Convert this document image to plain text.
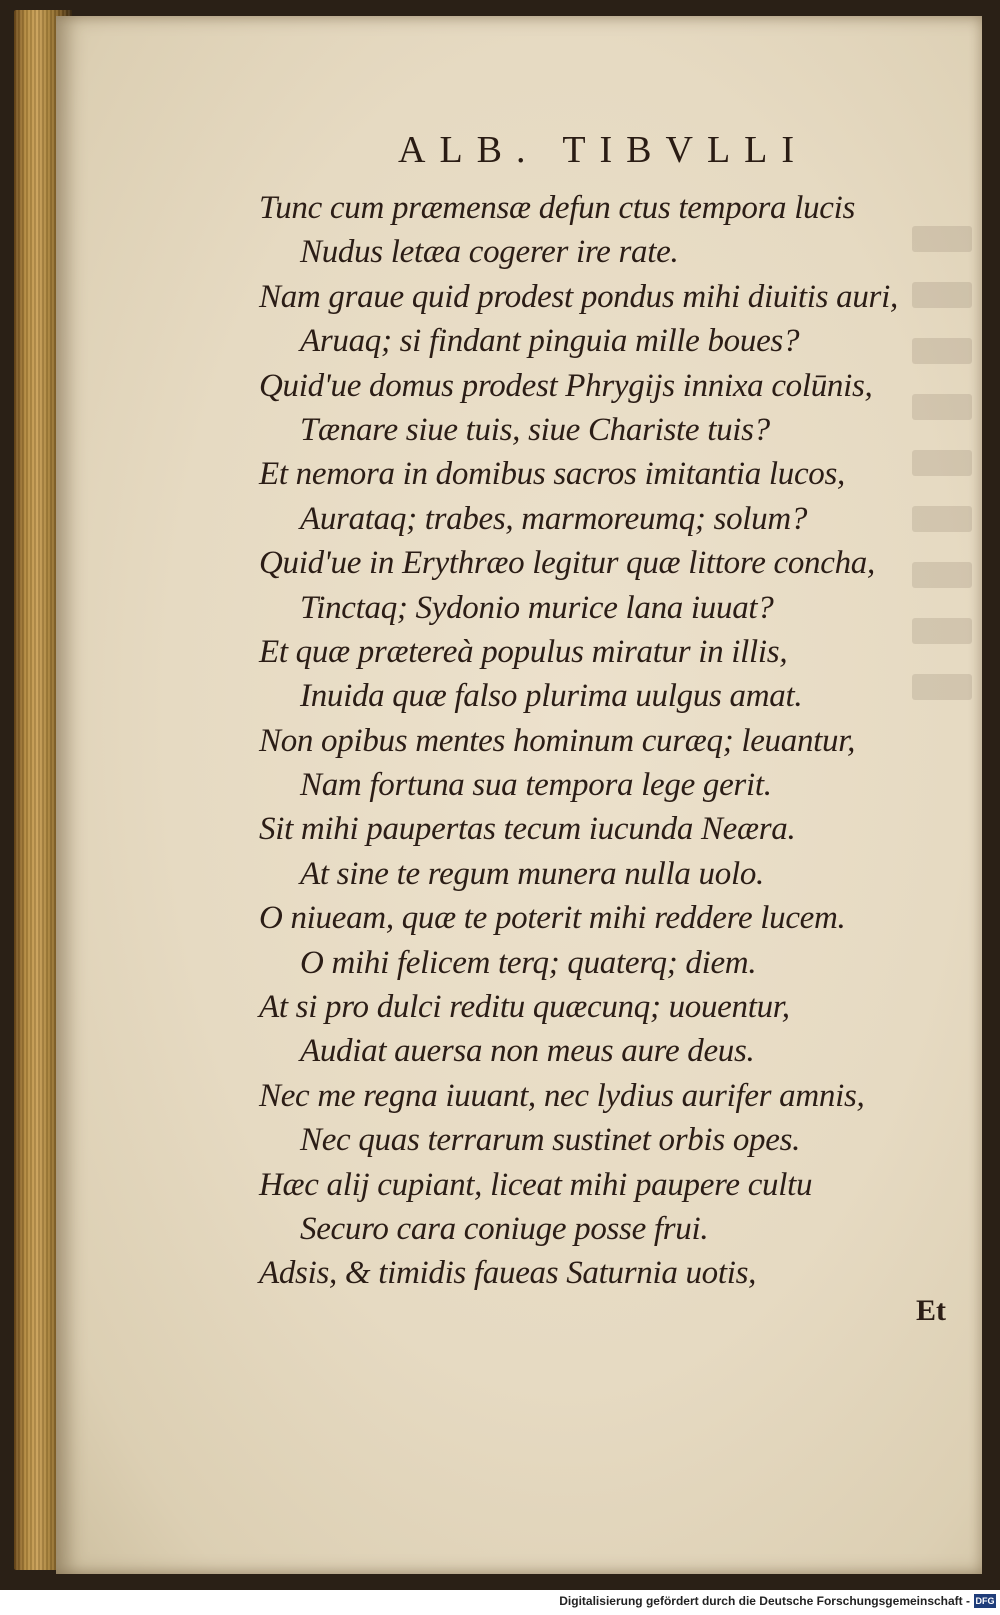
ALB. TIBVLLI
Tunc cum præmensæ defun ctus tempora lucis
Nudus letæa cogerer ire rate.
Nam graue quid prodest pondus mihi diuitis auri,
Aruaq; si findant pinguia mille boues?
Quid'ue domus prodest Phrygijs innixa colūnis,
Tænare siue tuis, siue Chariste tuis?
Et nemora in domibus sacros imitantia lucos,
Aurataq; trabes, marmoreumq; solum?
Quid'ue in Erythræo legitur quæ littore concha,
Tinctaq; Sydonio murice lana iuuat?
Et quæ prætereà populus miratur in illis,
Inuida quæ falso plurima uulgus amat.
Non opibus mentes hominum curæq; leuantur,
Nam fortuna sua tempora lege gerit.
Sit mihi paupertas tecum iucunda Neæra.
At sine te regum munera nulla uolo.
O niueam, quæ te poterit mihi reddere lucem.
O mihi felicem terq; quaterq; diem.
At si pro dulci reditu quæcunq; uouentur,
Audiat auersa non meus aure deus.
Nec me regna iuuant, nec lydius aurifer amnis,
Nec quas terrarum sustinet orbis opes.
Hæc alij cupiant, liceat mihi paupere cultu
Securo cara coniuge posse frui.
Adsis, & timidis faueas Saturnia uotis,
Et
Digitalisierung gefördert durch die Deutsche Forschungsgemeinschaft - DFG
